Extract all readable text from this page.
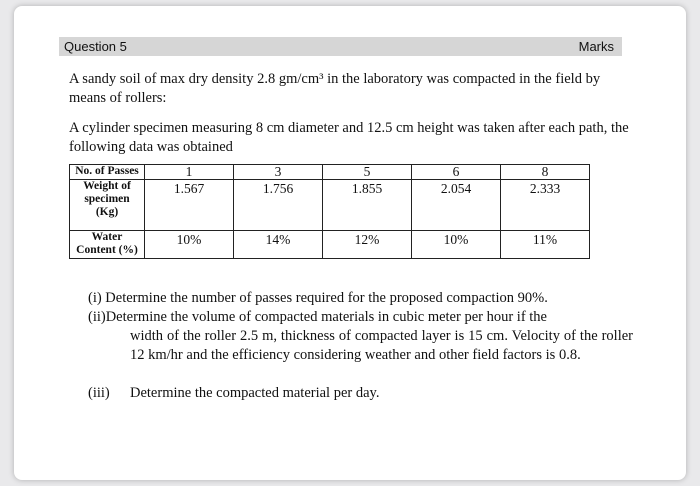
Question 5	Marks
A sandy soil of max dry density 2.8 gm/cm³ in the laboratory was compacted in the field by means of rollers:
A cylinder specimen measuring 8 cm diameter and 12.5 cm height was taken after each path, the following data was obtained
No. of Passes	1	3	5	6	8
Weight of specimen (Kg)	1.567	1.756	1.855	2.054	2.333
Water Content (%)	10%	14%	12%	10%	11%
(i) Determine the number of passes required for the proposed compaction 90%.
(ii)Determine the volume of compacted materials in cubic meter per hour if the
width of the roller 2.5 m, thickness of compacted layer is 15 cm. Velocity of the roller 12 km/hr and the efficiency considering weather and other field factors is 0.8.
(iii) Determine the compacted material per day.
